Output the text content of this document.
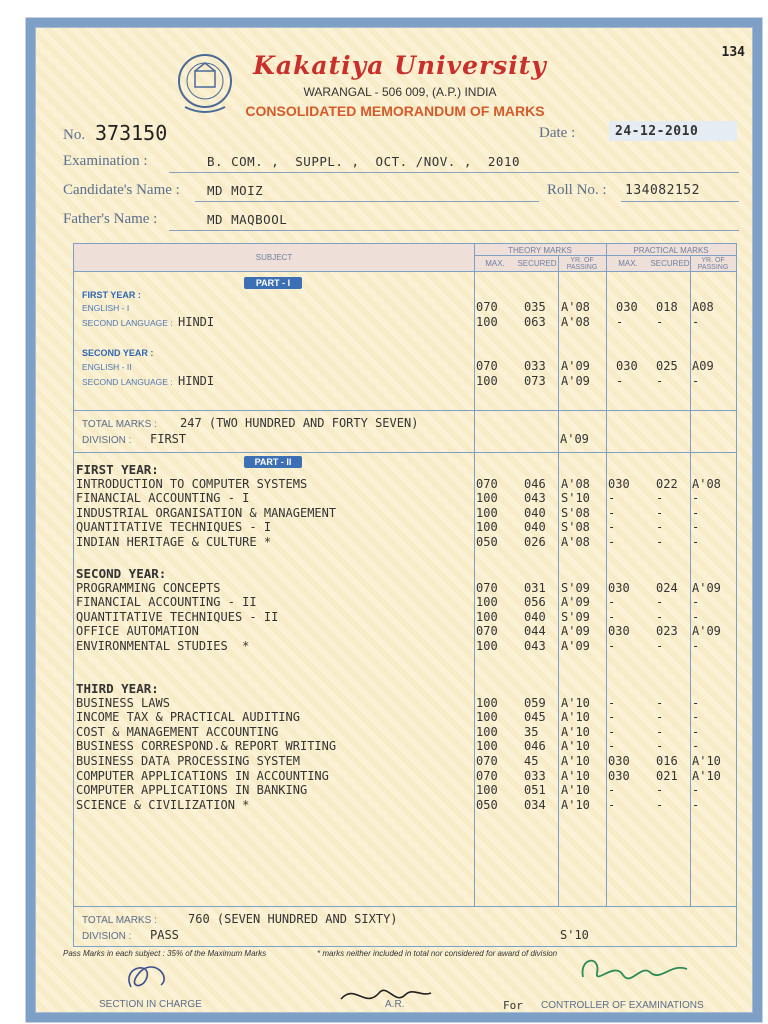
134
Kakatiya University
WARANGAL - 506 009, (A.P.) INDIA
CONSOLIDATED MEMORANDUM OF MARKS
No. 373150	Date :	24-12-2010
Examination :	B. COM. ,  SUPPL. ,  OCT. /NOV. ,  2010
Candidate's Name : MD MOIZ	Roll No. : 134082152
Father's Name :	MD MAQBOOL
SUBJECT
THEORY MARKS	PRACTICAL MARKS
MAX.	SECURED	YR. OF PASSING	MAX.	SECURED	YR. OF PASSING
PART - I
FIRST YEAR :
SECOND YEAR :
ENGLISH - I	070 035 A'08 030 018 A08
SECOND LANGUAGE : HINDI	100 063 A'08 -	- -
ENGLISH - II	070 033 A'09 030 025 A09
SECOND LANGUAGE : HINDI	100 073 A'09 -	- -
TOTAL MARKS : 247 (TWO HUNDRED AND FORTY SEVEN)
DIVISION : FIRST	A'09
PART - II
FIRST YEAR:
INTRODUCTION TO COMPUTER SYSTEMS	070 046 A'08 030 022 A'08
FINANCIAL ACCOUNTING - I	100 043 S'10 -	- -
INDUSTRIAL ORGANISATION & MANAGEMENT	100 040 S'08 -	- -
QUANTITATIVE TECHNIQUES - I	100 040 S'08 -	- -
INDIAN HERITAGE & CULTURE *	050 026 A'08 -	- -
SECOND YEAR:
PROGRAMMING CONCEPTS	070 031 S'09 030 024 A'09
FINANCIAL ACCOUNTING - II	100 056 A'09 -	- -
QUANTITATIVE TECHNIQUES - II	100 040 S'09 -	- -
OFFICE AUTOMATION	070 044 A'09 030 023 A'09
ENVIRONMENTAL STUDIES  *	100 043 A'09 -	- -
THIRD YEAR:
BUSINESS LAWS	100 059 A'10 -	- -
INCOME TAX & PRACTICAL AUDITING	100 045 A'10 -	- -
COST & MANAGEMENT ACCOUNTING	100 35 A'10 -	- -
BUSINESS CORRESPOND.& REPORT WRITING	100 046 A'10 -	- -
BUSINESS DATA PROCESSING SYSTEM	070 45 A'10 030 016 A'10
COMPUTER APPLICATIONS IN ACCOUNTING	070 033 A'10 030 021 A'10
COMPUTER APPLICATIONS IN BANKING	100 051 A'10 -	- -
SCIENCE & CIVILIZATION *	050 034 A'10 -	- -
TOTAL MARKS :	760 (SEVEN HUNDRED AND SIXTY)
DIVISION : PASS	S'10
Pass Marks in each subject : 35% of the Maximum Marks	* marks neither included in total nor considered for award of division
SECTION IN CHARGE	A.R.	For CONTROLLER OF EXAMINATIONS
